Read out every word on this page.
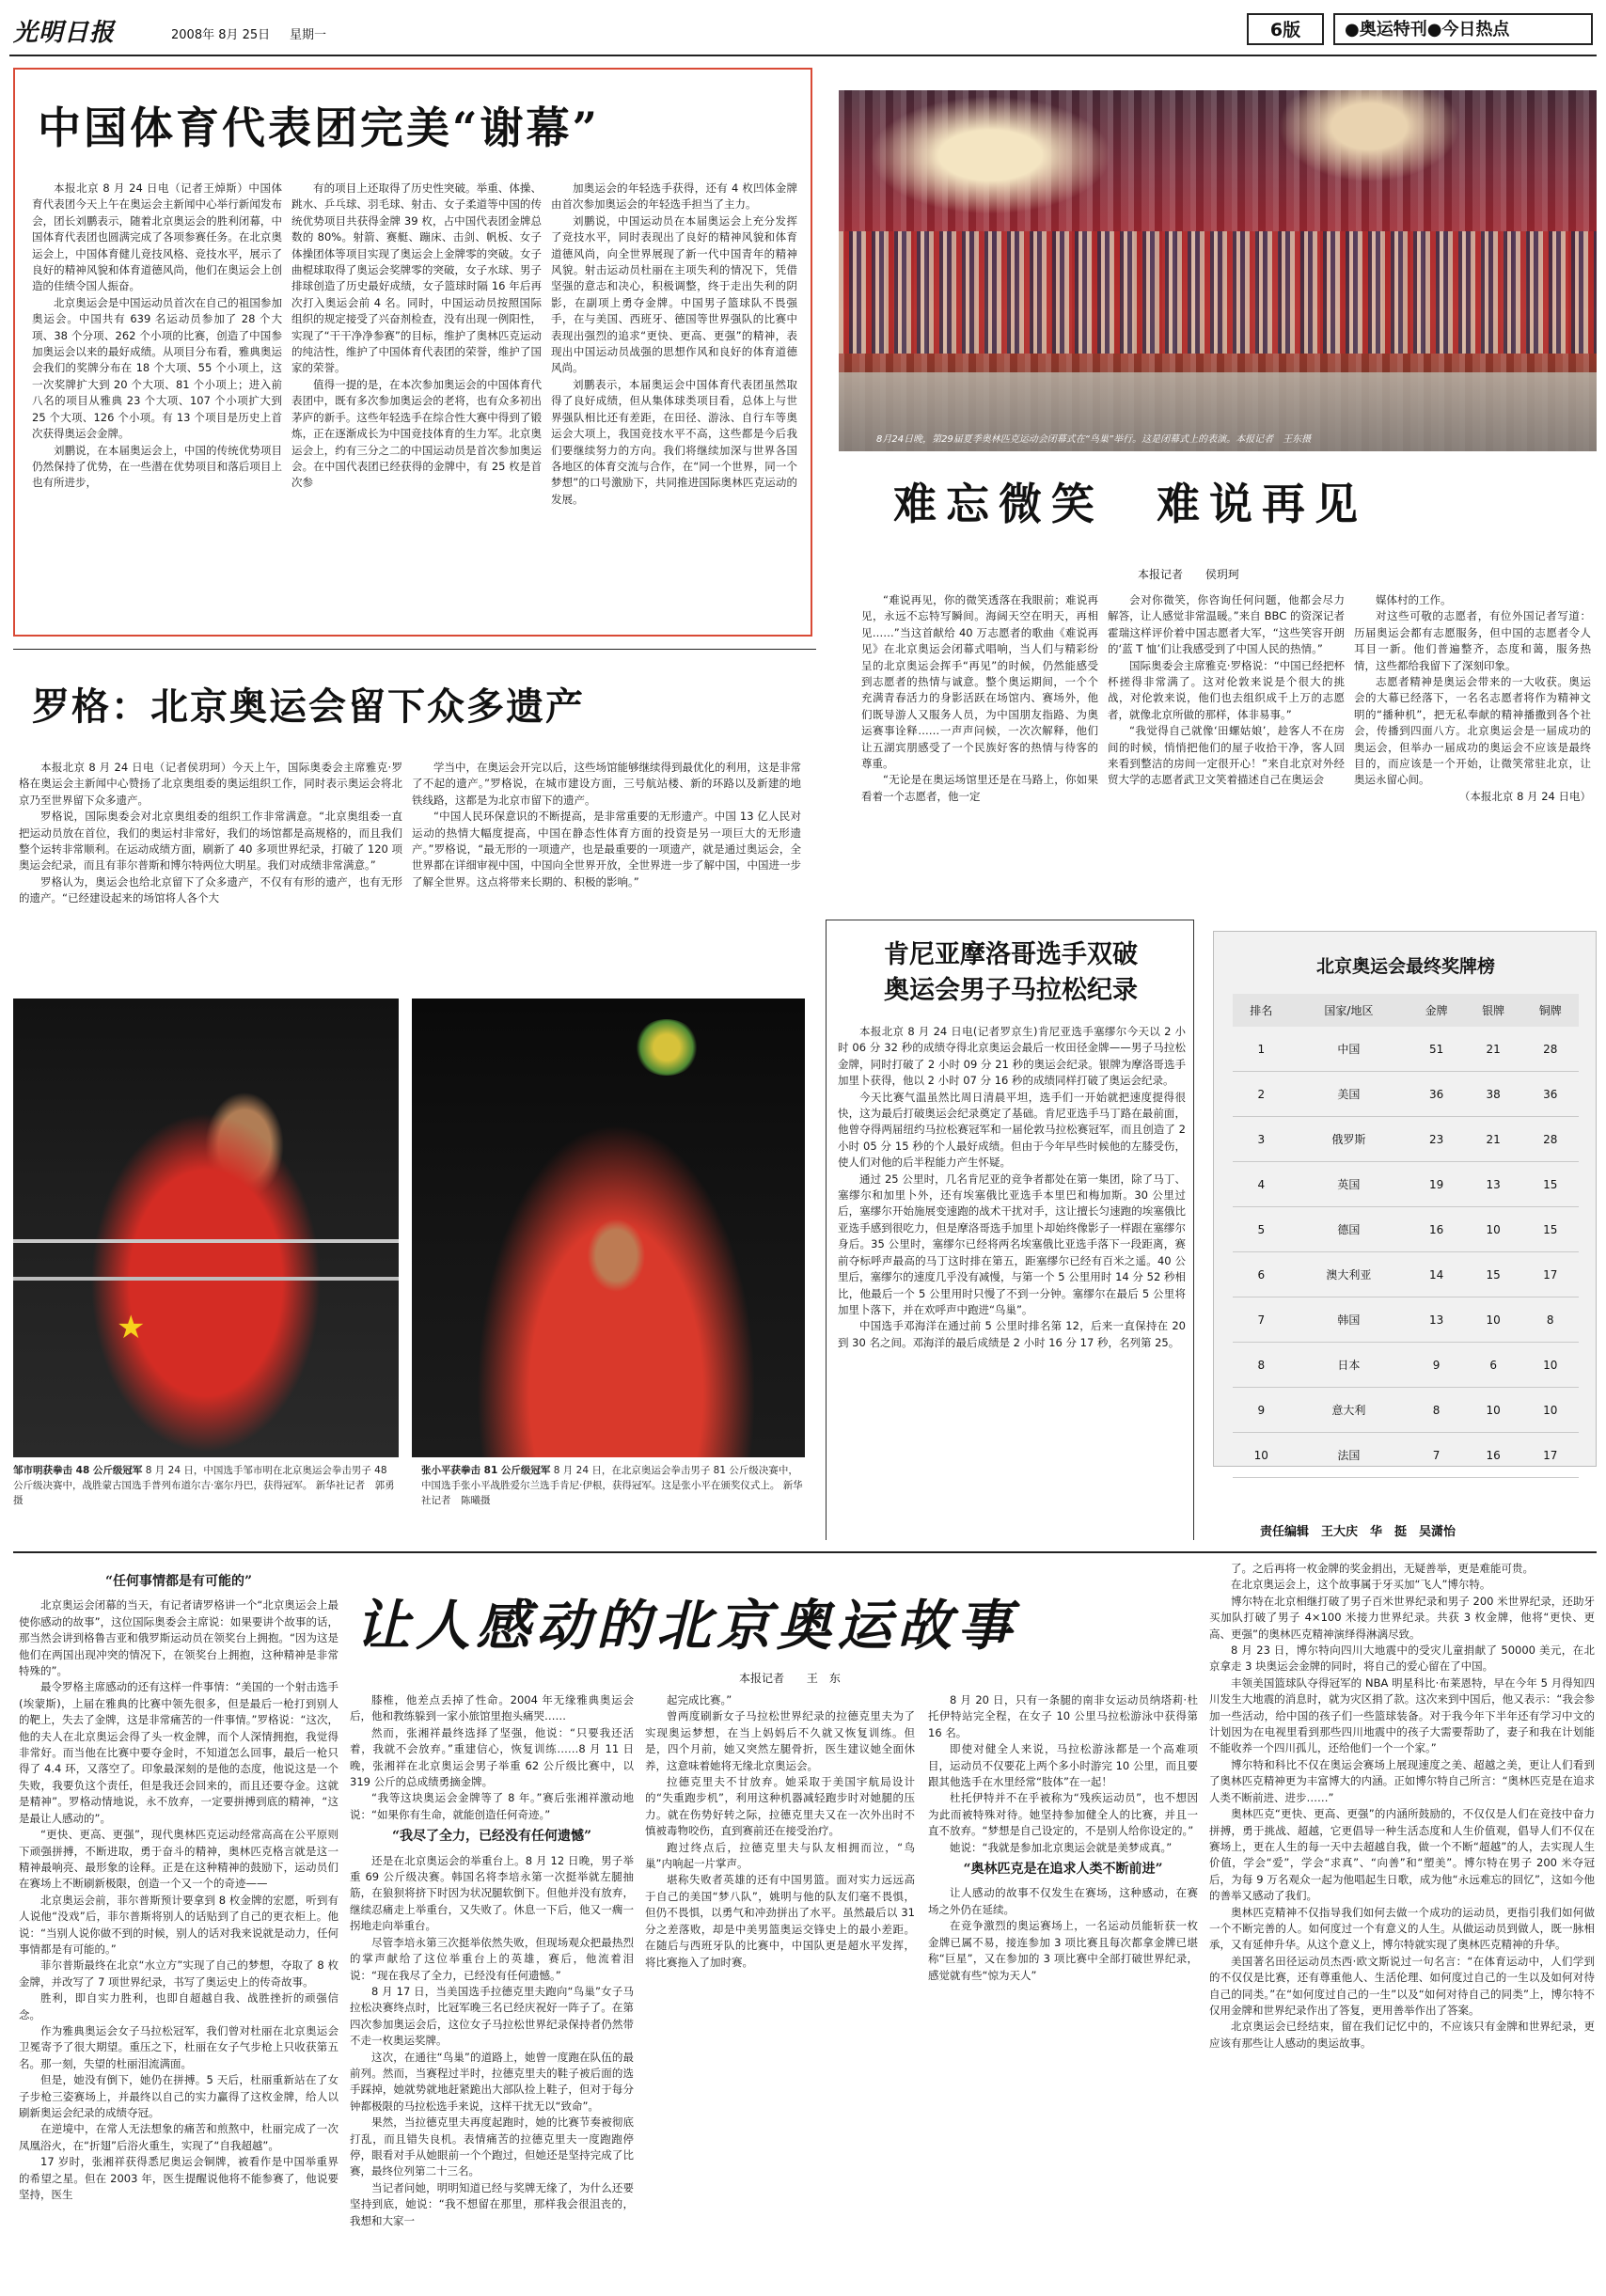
光明日报	2008年 8月 25日 星期一	6版	●奥运特刊●今日热点
中国体育代表团完美“谢幕”

本报北京 8 月 24 日电（记者王焯斯）中国体育代表团今天上午在奥运会主新闻中心举行新闻发布会，团长刘鹏表示，随着北京奥运会的胜利闭幕，中国体育代表团也圆满完成了各项参赛任务。在北京奥运会上，中国体育健儿竞技风格、竞技水平，展示了良好的精神风貌和体育道德风尚，他们在奥运会上创造的佳绩令国人振奋。

北京奥运会是中国运动员首次在自己的祖国参加奥运会。中国共有 639 名运动员参加了 28 个大项、38 个分项、262 个小项的比赛，创造了中国参加奥运会以来的最好成绩。从项目分布看，雅典奥运会我们的奖牌分布在 18 个大项、55 个小项上，这一次奖牌扩大到 20 个大项、81 个小项上；进入前八名的项目从雅典 23 个大项、107 个小项扩大到 25 个大项、126 个小项。有 13 个项目是历史上首次获得奥运会金牌。

刘鹏说，在本届奥运会上，中国的传统优势项目仍然保持了优势，在一些潜在优势项目和落后项目上也有所进步，

有的项目上还取得了历史性突破。举重、体操、跳水、乒乓球、羽毛球、射击、女子柔道等中国的传统优势项目共获得金牌 39 枚，占中国代表团金牌总数的 80%。射箭、赛艇、蹦床、击剑、帆板、女子体操团体等项目实现了奥运会上金牌零的突破。女子曲棍球取得了奥运会奖牌零的突破，女子水球、男子排球创造了历史最好成绩，女子篮球时隔 16 年后再次打入奥运会前 4 名。同时，中国运动员按照国际组织的规定接受了兴奋剂检查，没有出现一例阳性，实现了“干干净净参赛”的目标，维护了奥林匹克运动的纯洁性，维护了中国体育代表团的荣誉，维护了国家的荣誉。

值得一提的是，在本次参加奥运会的中国体育代表团中，既有多次参加奥运会的老将，也有众多初出茅庐的新手。这些年轻选手在综合性大赛中得到了锻炼，正在逐渐成长为中国竞技体育的生力军。北京奥运会上，约有三分之二的中国运动员是首次参加奥运会。在中国代表团已经获得的金牌中，有 25 枚是首次参

加奥运会的年轻选手获得，还有 4 枚凹体金牌由首次参加奥运会的年轻选手担当了主力。

刘鹏说，中国运动员在本届奥运会上充分发挥了竞技水平，同时表现出了良好的精神风貌和体育道德风尚，向全世界展现了新一代中国青年的精神风貌。射击运动员杜丽在主项失利的情况下，凭借坚强的意志和决心，积极调整，终于走出失利的阴影，在副项上勇夺金牌。中国男子篮球队不畏强手，在与美国、西班牙、德国等世界强队的比赛中表现出强烈的追求“更快、更高、更强”的精神，表现出中国运动员战强的思想作风和良好的体育道德风尚。

刘鹏表示，本届奥运会中国体育代表团虽然取得了良好成绩，但从集体球类项目看，总体上与世界强队相比还有差距，在田径、游泳、自行车等奥运会大项上，我国竞技水平不高，这些都是今后我们要继续努力的方向。我们将继续加深与世界各国各地区的体育交流与合作，在“同一个世界，同一个梦想”的口号激励下，共同推进国际奥林匹克运动的发展。

8月24日晚，第29届夏季奥林匹克运动会闭幕式在“鸟巢”举行。这是闭幕式上的表演。本报记者　王东摄
难忘微笑　难说再见
本报记者 侯玥珂

“难说再见，你的微笑透落在我眼前；难说再见，永远不忘特写瞬间。海阔天空在明天，再相见……”当这首献给 40 万志愿者的歌曲《难说再见》在北京奥运会闭幕式唱响，当人们与精彩纷呈的北京奥运会挥手“再见”的时候，仍然能感受到志愿者的热情与诚意。整个奥运期间，一个个充满青春活力的身影活跃在场馆内、赛场外，他们既导游人又服务人员，为中国朋友指路、为奥运赛事诠释……一声声问候，一次次解释，他们让五湖宾朋感受了一个民族好客的热情与待客的尊重。

“无论是在奥运场馆里还是在马路上，你如果看着一个志愿者，他一定

会对你微笑，你咨询任何问题，他都会尽力解答，让人感觉非常温暖。”来自 BBC 的资深记者霍瑞这样评价着中国志愿者大军，“这些笑容开朗的‘蓝 T 恤’们让我感受到了中国人民的热情。”

国际奥委会主席雅克·罗格说：“中国已经把杯杯搓得非常满了。这对伦敦来说是个很大的挑战，对伦敦来说，他们也去组织成千上万的志愿者，就像北京所做的那样，体非易事。”

“我觉得自己就像‘田螺姑娘’，趁客人不在房间的时候，悄悄把他们的屋子收拾干净，客人回来看到整洁的房间一定很开心！”来自北京对外经贸大学的志愿者武卫文笑着描述自己在奥运会

媒体村的工作。

对这些可敬的志愿者，有位外国记者写道：历届奥运会都有志愿服务，但中国的志愿者令人耳目一新。他们普遍整齐，态度和蔼，服务热情，这些都给我留下了深刻印象。

志愿者精神是奥运会带来的一大收获。奥运会的大幕已经落下，一名名志愿者将作为精神文明的“播种机”，把无私奉献的精神播撒到各个社会，传播到四面八方。北京奥运会是一届成功的奥运会，但举办一届成功的奥运会不应该是最终目的，而应该是一个开始，让微笑常驻北京，让奥运永留心间。

（本报北京 8 月 24 日电）

罗格：北京奥运会留下众多遗产

本报北京 8 月 24 日电（记者侯玥珂）今天上午，国际奥委会主席雅克·罗格在奥运会主新闻中心赞扬了北京奥组委的奥运组织工作，同时表示奥运会将北京乃至世界留下众多遗产。

罗格说，国际奥委会对北京奥组委的组织工作非常满意。“北京奥组委一直把运动员放在首位，我们的奥运村非常好，我们的场馆都是高规格的，而且我们整个运转非常顺利。在运动成绩方面，刷新了 40 多项世界纪录，打破了 120 项奥运会纪录，而且有菲尔普斯和博尔特两位大明星。我们对成绩非常满意。”

罗格认为，奥运会也给北京留下了众多遗产，不仅有有形的遗产，也有无形的遗产。“已经建设起来的场馆将人各个大

学当中，在奥运会开完以后，这些场馆能够继续得到最优化的利用，这是非常了不起的遗产。”罗格说，在城市建设方面，三号航站楼、新的环路以及新建的地铁线路，这都是为北京市留下的遗产。

“中国人民环保意识的不断提高，是非常重要的无形遗产。中国 13 亿人民对运动的热情大幅度提高，中国在静态性体育方面的投资是另一项巨大的无形遗产。”罗格说，“最无形的一项遗产，也是最重要的一项遗产，就是通过奥运会，全世界都在详细审视中国，中国向全世界开放，全世界进一步了解中国，中国进一步了解全世界。这点将带来长期的、积极的影响。”

★
邹市明获拳击 48 公斤级冠军 8 月 24 日，中国选手邹市明在北京奥运会拳击男子 48 公斤级决赛中，战胜蒙古国选手普列布道尔吉·塞尔丹巴，获得冠军。 新华社记者　郭勇摄
张小平获拳击 81 公斤级冠军 8 月 24 日，在北京奥运会拳击男子 81 公斤级决赛中，中国选手张小平战胜爱尔兰选手肯尼·伊根，获得冠军。这是张小平在颁奖仪式上。 新华社记者　陈曦摄
肯尼亚摩洛哥选手双破
奥运会男子马拉松纪录

本报北京 8 月 24 日电(记者罗京生)肯尼亚选手塞缪尔今天以 2 小时 06 分 32 秒的成绩夺得北京奥运会最后一枚田径金牌——男子马拉松金牌，同时打破了 2 小时 09 分 21 秒的奥运会纪录。银牌为摩洛哥选手加里卜获得，他以 2 小时 07 分 16 秒的成绩同样打破了奥运会纪录。

今天比赛气温虽然比周日清晨平坦，选手们一开始就把速度提得很快，这为最后打破奥运会纪录奠定了基础。肯尼亚选手马丁路在最前面，他曾夺得两届纽约马拉松赛冠军和一届伦敦马拉松赛冠军，而且创造了 2 小时 05 分 15 秒的个人最好成绩。但由于今年早些时候他的左膝受伤，使人们对他的后半程能力产生怀疑。

通过 25 公里时，几名肯尼亚的竞争者都处在第一集团，除了马丁、塞缪尔和加里卜外，还有埃塞俄比亚选手本里巴和梅加斯。30 公里过后，塞缪尔开始施展变速跑的战术干扰对手，这让擅长匀速跑的埃塞俄比亚选手感到很吃力，但是摩洛哥选手加里卜却始终像影子一样跟在塞缪尔身后。35 公里时，塞缪尔已经将两名埃塞俄比亚选手落下一段距离，赛前夺标呼声最高的马丁这时排在第五，距塞缪尔已经有百米之遥。40 公里后，塞缪尔的速度几乎没有减慢，与第一个 5 公里用时 14 分 52 秒相比，他最后一个 5 公里用时只慢了不到一分钟。塞缪尔在最后 5 公里将加里卜落下，并在欢呼声中跑进“鸟巢”。

中国选手邓海洋在通过前 5 公里时排名第 12，后来一直保持在 20 到 30 名之间。邓海洋的最后成绩是 2 小时 16 分 17 秒，名列第 25。

北京奥运会最终奖牌榜
排名	国家/地区	金牌	银牌	铜牌
1	中国	51	21	28
2	美国	36	38	36
3	俄罗斯	23	21	28
4	英国	19	13	15
5	德国	16	10	15
6	澳大利亚	14	15	17
7	韩国	13	10	8
8	日本	9	6	10
9	意大利	8	10	10
10	法国	7	16	17
责任编辑　王大庆　华　挺　吴潇怡
让人感动的北京奥运故事
本报记者 王　东
“任何事情都是有可能的”

北京奥运会闭幕的当天，有记者请罗格讲一个“北京奥运会上最使你感动的故事”，这位国际奥委会主席说：如果要讲个故事的话，那当然会讲到格鲁吉亚和俄罗斯运动员在领奖台上拥抱。“因为这是他们在两国出现冲突的情况下，在领奖台上拥抱，这种精神是非常特殊的”。

最令罗格主席感动的还有这样一件事情：“美国的一个射击选手(埃蒙斯)，上届在雅典的比赛中领先很多，但是最后一枪打到别人的靶上，失去了金牌，这是非常痛苦的一件事情。”罗格说：“这次，他的夫人在北京奥运会得了头一枚金牌，而个人深情拥抱，我觉得非常好。而当他在比赛中要夺金时，不知道怎么回事，最后一枪只得了 4.4 环，又落空了。印象最深刻的是他的态度，他说这是一个失败，我要负这个责任，但是我还会回来的，而且还要夺金。这就是精神”。罗格动情地说，永不放弃，一定要拼搏到底的精神，“这是最让人感动的”。

“更快、更高、更强”，现代奥林匹克运动经常高高在公平原则下顽强拼搏，不断进取，勇于奋斗的精神，奥林匹克格言就是这一精神最响亮、最形象的诠释。正是在这种精神的鼓励下，运动员们在赛场上不断刷新极限，创造一个又一个的奇迹——

北京奥运会前，菲尔普斯预计要拿到 8 枚金牌的宏愿，听到有人说他“没戏”后，菲尔普斯将别人的话贴到了自己的更衣柜上。他说：“当别人说你做不到的时候，别人的话对我来说就是动力，任何事情都是有可能的。”

菲尔普斯最终在北京“水立方”实现了自己的梦想，夺取了 8 枚金牌，并改写了 7 项世界纪录，书写了奥运史上的传奇故事。

胜利，即自实力胜利，也即自超越自我、战胜挫折的顽强信念。

作为雅典奥运会女子马拉松冠军，我们曾对杜丽在北京奥运会卫冕寄予了很大期望。重压之下，杜丽在女子气步枪上只收获第五名。那一刻，失望的杜丽泪流满面。

但是，她没有倒下，她仍在拼搏。5 天后，杜丽重新站在了女子步枪三姿赛场上，并最终以自己的实力赢得了这枚金牌，给人以刷新奥运会纪录的成绩夺冠。

在逆境中，在常人无法想象的痛苦和煎熬中，杜丽完成了一次凤凰浴火，在“折翅”后浴火重生，实现了“自我超越”。

17 岁时，张湘祥获得悉尼奥运会铜牌，被看作是中国举重界的希望之星。但在 2003 年，医生提醒说他将不能参赛了，他说要坚持，医生

膝椎，他差点丢掉了性命。2004 年无缘雅典奥运会后，他和教练躲到一家小旅馆里抱头痛哭……

然而，张湘祥最终选择了坚强，他说：“只要我还活着，我就不会放弃。”重建信心，恢复训练……8 月 11 日晚，张湘祥在北京奥运会男子举重 62 公斤级比赛中，以 319 公斤的总成绩勇摘金牌。

“我等这块奥运会金牌等了 8 年。”赛后张湘祥激动地说：“如果你有生命，就能创造任何奇迹。”

“我尽了全力，已经没有任何遗憾”

还是在北京奥运会的举重台上。8 月 12 日晚，男子举重 69 公斤级决赛。韩国名将李培永第一次挺举就左腿抽筋，在狼狈将挤下时因为状况腿软倒下。但他并没有放弃，继续忍痛走上举重台，又失败了。休息一下后，他又一瘸一拐地走向举重台。

尽管李培永第三次挺举依然失败，但现场观众把最热烈的掌声献给了这位举重台上的英雄，赛后，他流着泪说：“现在我尽了全力，已经没有任何遗憾。”

8 月 17 日，当美国选手拉德克里夫跑向“鸟巢”女子马拉松决赛终点时，比冠军晚三名已经庆祝好一阵子了。在第四次参加奥运会后，这位女子马拉松世界纪录保持者仍然带不走一枚奥运奖牌。

这次，在通往“鸟巢”的道路上，她曾一度跑在队伍的最前列。然而，当赛程过半时，拉德克里夫的鞋子被后面的选手踩掉，她就势就地赶紧跪出大部队捡上鞋子，但对于每分钟都极限的马拉松选手来说，这样干扰无以“致命”。

果然，当拉德克里夫再度起跑时，她的比赛节奏被彻底打乱，而且错失良机。表情痛苦的拉德克里夫一度跑跑停停，眼看对手从她眼前一个个跑过，但她还是坚持完成了比赛，最终位列第二十三名。

当记者问她，明明知道已经与奖牌无缘了，为什么还要坚持到底，她说：“我不想留在那里，那样我会很沮丧的，我想和大家一

起完成比赛。”

曾两度刷新女子马拉松世界纪录的拉德克里夫为了实现奥运梦想，在当上妈妈后不久就又恢复训练。但是，四个月前，她又突然左腿骨折，医生建议她全面休养，这意味着她将无缘北京奥运会。

拉德克里夫不甘放弃。她采取于美国宇航局设计的“失重跑步机”，利用这种机器减轻跑步时对她腿的压力。就在伤势好转之际，拉德克里夫又在一次外出时不慎被毒物咬伤，直到赛前还在接受治疗。

跑过终点后，拉德克里夫与队友相拥而泣，“鸟巢”内响起一片掌声。

堪称失败者英雄的还有中国男篮。面对实力远远高于自己的美国“梦八队”，姚明与他的队友们毫不畏惧，但仍不畏惧，以勇气和冲劲拼出了水平。虽然最后以 31 分之差落败，却是中美男篮奥运交锋史上的最小差距。在随后与西班牙队的比赛中，中国队更是超水平发挥，将比赛拖入了加时赛。

8 月 20 日，只有一条腿的南非女运动员纳塔莉·杜托伊特站完全程，在女子 10 公里马拉松游泳中获得第 16 名。

即使对健全人来说，马拉松游泳都是一个高难项目，运动员不仅要花上两个多小时游完 10 公里，而且要跟其他选手在水里经常“肢体”在一起！

杜托伊特并不在乎被称为“残疾运动员”，也不想因为此而被特殊对待。她坚持参加健全人的比赛，并且一直不放弃。“梦想是自己设定的，不是别人给你设定的。”

她说：“我就是参加北京奥运会就是美梦成真。”

“奥林匹克是在追求人类不断前进”

让人感动的故事不仅发生在赛场，这种感动，在赛场之外仍在延续。

在竞争激烈的奥运赛场上，一名运动员能斩获一枚金牌已属不易，接连参加 3 项比赛且每次都拿金牌已堪称“巨星”，又在参加的 3 项比赛中全部打破世界纪录，感觉就有些“惊为天人”

了。之后再将一枚金牌的奖金捐出，无疑善举，更是难能可贵。

在北京奥运会上，这个故事属于牙买加“飞人”博尔特。

博尔特在北京相继打破了男子百米世界纪录和男子 200 米世界纪录，还助牙买加队打破了男子 4×100 米接力世界纪录。共获 3 枚金牌，他将“更快、更高、更强”的奥林匹克精神演绎得淋漓尽致。

8 月 23 日，博尔特向四川大地震中的受灾儿童捐献了 50000 美元，在北京拿走 3 块奥运会金牌的同时，将自己的爱心留在了中国。

丰领美国篮球队夺得冠军的 NBA 明星科比·布莱恩特，早在今年 5 月得知四川发生大地震的消息时，就为灾区捐了款。这次来到中国后，他又表示：“我会参加一些活动，给中国的孩子们一些篮球装备。对于我今年下半年还有学习中文的计划因为在电视里看到那些四川地震中的孩子大需要帮助了，妻子和我在计划能不能收养一个四川孤儿，还给他们一个一个家。”

博尔特和科比不仅在奥运会赛场上展现速度之美、超越之美，更让人们看到了奥林匹克精神更为丰富博大的内涵。正如博尔特自己所言：“奥林匹克是在追求人类不断前进、进步……”

奥林匹克“更快、更高、更强”的内涵所鼓励的，不仅仅是人们在竞技中奋力拼搏，勇于挑战、超越，它更倡导一种生活态度和人生价值观，倡导人们不仅在赛场上，更在人生的每一天中去超越自我，做一个不断“超越”的人，去实现人生价值，学会“爱”，学会“求真”、“向善”和“塑美”。博尔特在男子 200 米夺冠后，为每 9 万名观众一起为他唱起生日歌，成为他“永远难忘的回忆”，这如今他的善举又感动了我们。

奥林匹克精神不仅指导我们如何去做一个成功的运动员，更指引我们如何做一个不断完善的人。如何度过一个有意义的人生。从做运动员到做人，既一脉相承，又有延伸升华。从这个意义上，博尔特就实现了奥林匹克精神的升华。

美国著名田径运动员杰西·欧文斯说过一句名言：“在体育运动中，人们学到的不仅仅是比赛，还有尊重他人、生活伦理、如何度过自己的一生以及如何对待自己的同类。”在“如何度过自己的一生”以及“如何对待自己的同类”上，博尔特不仅用金牌和世界纪录作出了答复，更用善举作出了答案。

北京奥运会已经结束，留在我们记忆中的，不应该只有金牌和世界纪录，更应该有那些让人感动的奥运故事。
